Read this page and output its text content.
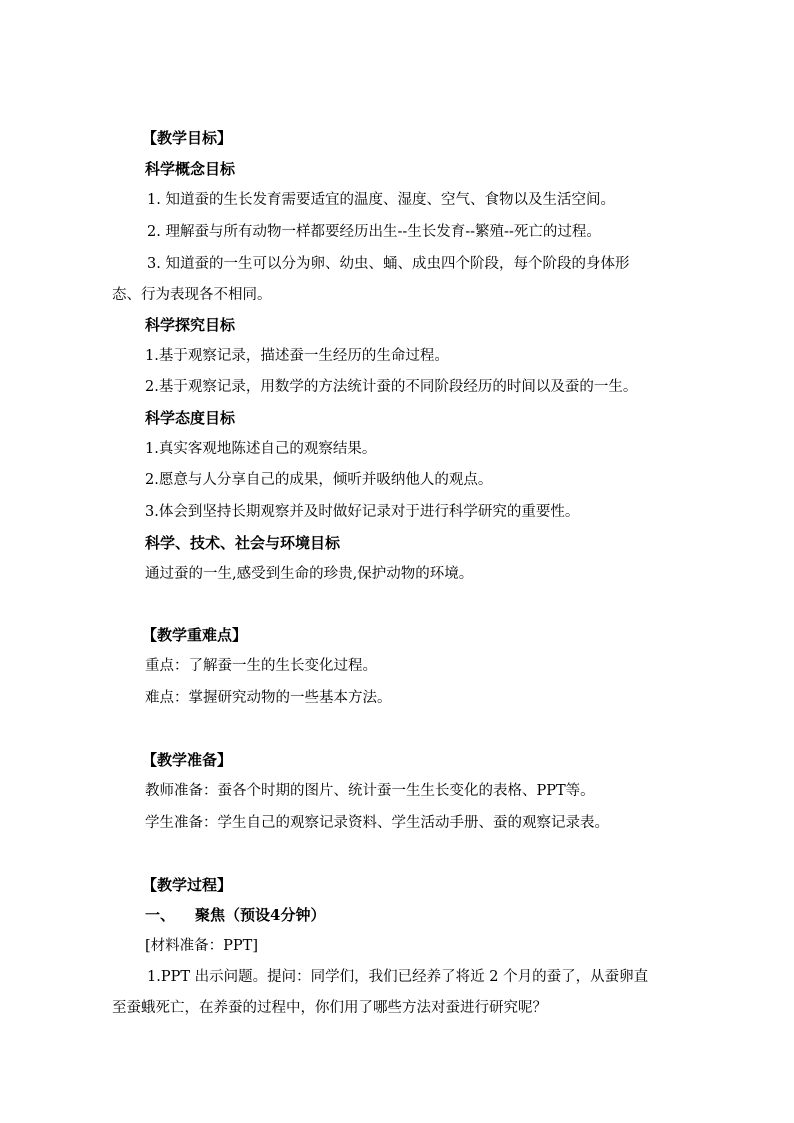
【教学目标】
科学概念目标
1. 知道蚕的生长发育需要适宜的温度、湿度、空气、食物以及生活空间。
2. 理解蚕与所有动物一样都要经历出生--生长发育--繁殖--死亡的过程。
3. 知道蚕的一生可以分为卵、幼虫、蛹、成虫四个阶段，每个阶段的身体形
态、行为表现各不相同。
科学探究目标
1.基于观察记录，描述蚕一生经历的生命过程。
2.基于观察记录，用数学的方法统计蚕的不同阶段经历的时间以及蚕的一生。
科学态度目标
1.真实客观地陈述自己的观察结果。
2.愿意与人分享自己的成果，倾听并吸纳他人的观点。
3.体会到坚持长期观察并及时做好记录对于进行科学研究的重要性。
科学、技术、社会与环境目标
通过蚕的一生,感受到生命的珍贵,保护动物的环境。
【教学重难点】
重点：了解蚕一生的生长变化过程。
难点：掌握研究动物的一些基本方法。
【教学准备】
教师准备：蚕各个时期的图片、统计蚕一生生长变化的表格、PPT等。
学生准备：学生自己的观察记录资料、学生活动手册、蚕的观察记录表。
【教学过程】
一、 聚焦（预设4分钟）
[材料准备：PPT]
1.PPT 出示问题。提问：同学们，我们已经养了将近 2 个月的蚕了，从蚕卵直
至蚕蛾死亡，在养蚕的过程中，你们用了哪些方法对蚕进行研究呢？
